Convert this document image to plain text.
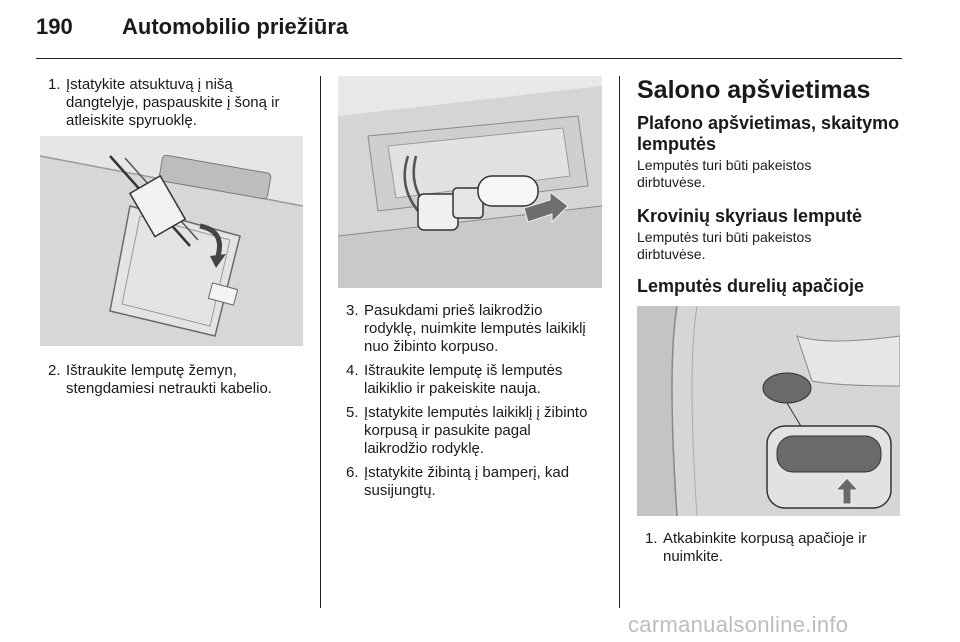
190 Automobilio priežiūra
1. Įstatykite atsuktuvą į nišą
dangtelyje, paspauskite į šoną ir
atleiskite spyruoklę.
2. Ištraukite lemputę žemyn,
stengdamiesi netraukti kabelio.
3. Pasukdami prieš laikrodžio
rodyklę, nuimkite lemputės laikiklį
nuo žibinto korpuso.
4. Ištraukite lemputę iš lemputės
laikiklio ir pakeiskite nauja.
5. Įstatykite lemputės laikiklį į žibinto
korpusą ir pasukite pagal
laikrodžio rodyklę.
6. Įstatykite žibintą į bamperį, kad
susijungtų.
Salono apšvietimas
Plafono apšvietimas, skaitymo
lemputės
Lemputės turi būti pakeistos
dirbtuvėse.
Krovinių skyriaus lemputė
Lemputės turi būti pakeistos
dirbtuvėse.
Lemputės durelių apačioje
1. Atkabinkite korpusą apačioje ir
nuimkite.
carmanualsonline.info
